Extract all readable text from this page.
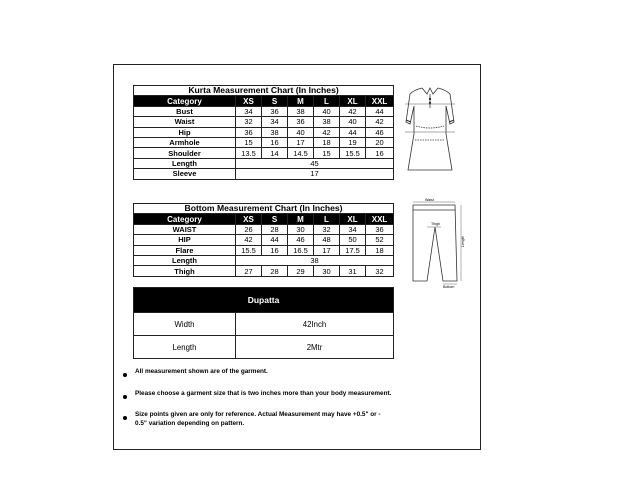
Kurta Measurement Chart (In Inches)						
Category	XS	S	M	L	XL	XXL
Bust	34	36	38	40	42	44
Waist	32	34	36	38	40	42
Hip	36	38	40	42	44	46
Armhole	15	16	17	18	19	20
Shoulder	13.5	14	14.5	15	15.5	16
Length	45					
Sleeve	17					
Bottom Measurement Chart (In Inches)						
Category	XS	S	M	L	XL	XXL
WAIST	26	28	30	32	34	36
HIP	42	44	46	48	50	52
Flare	15.5	16	16.5	17	17.5	18
Length	38					
Thigh	27	28	29	30	31	32
Dupatta	
Width	42Inch
Length	2Mtr
Waist
Thigh
Length
Bottom
All measurement shown are of the garment.
Please choose a garment size that is two inches more than your body measurement.
Size points given are only for reference. Actual Measurement may have +0.5" or -
0.5" variation depending on pattern.
